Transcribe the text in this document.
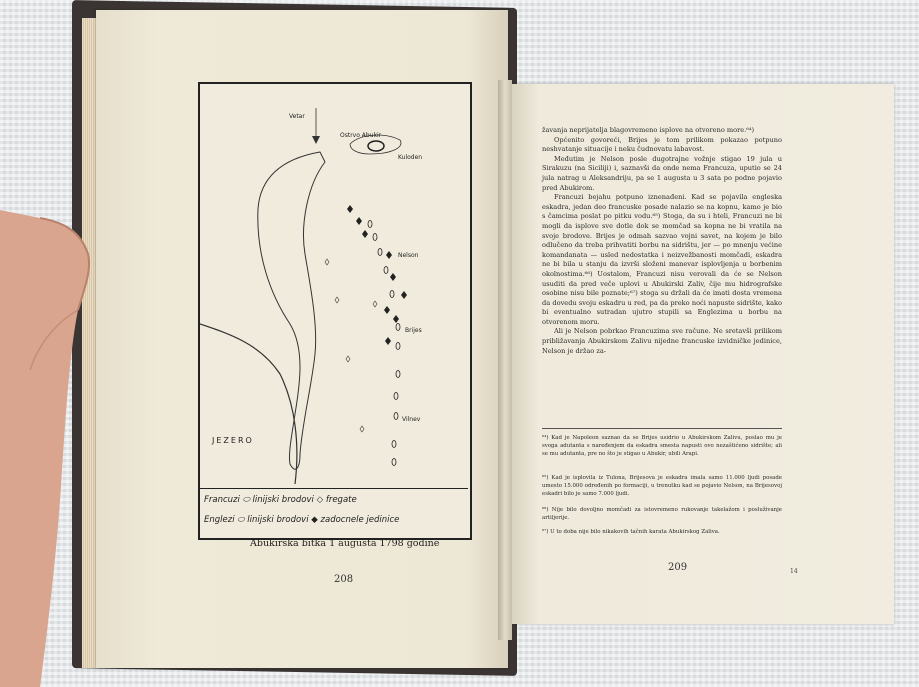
Vetar
Ostrvo Abukir
Kuloden
Nelson
Brijes
Vilnev
JEZERO
Francuzi ⬭ linijski brodovi ◇ fregate
Englezi ⬭ linijski brodovi ◆ zadocnele jedinice
Abukirska bitka 1 augusta 1798 godine
208

žavanja neprijatelja blagovremeno isplove na otvoreno more.⁶⁴)

Općenito govoreći, Brijes je tom prilikom pokazao potpuno neshvatanje situacije i neku čudnovatu labavost.

Međutim je Nelson posle dugotrajne vožnje stigao 19 jula u Sirakuzu (na Siciliji) i, saznavši da onde nema Francuza, uputio se 24 jula natrag u Aleksandriju, pa se 1 augusta u 3 sata po podne pojavio pred Abukirom.

Francuzi bejahu potpuno iznenađeni. Kad se pojavila engleska eskadra, jedan deo francuske posade nalazio se na kopnu, kamo je bio s čamcima poslat po pitku vodu.⁶⁵) Stoga, da su i hteli, Francuzi ne bi mogli da isplove sve dotle dok se momčad sa kopna ne bi vratila na svoje brodove. Brijes je odmah sazvao vojni savet, na kojem je bilo odlučeno da treba prihvatiti borbu na sidrištu, jer — po mnenju većine komandanata — usled nedostatka i neizvežbanosti momčadi, eskadra ne bi bila u stanju da izvrši složeni manevar isplovljenja u borbenim okolnostima.⁶⁶) Uostalom, Francuzi nisu verovali da će se Nelson usuditi da pred veče uplovi u Abukirski Zaliv, čije mu hidrografske osobine nisu bile poznate;⁶⁷) stoga su držali da će imati dosta vremena da dovedu svoju eskadru u red, pa da preko noći napuste sidrište, kako bi eventualno sutradan ujutro stupili sa Englezima u borbu na otvorenom moru.

Ali je Nelson pobrkao Francuzima sve račune. Ne sretavši prilikom približavanja Abukirskom Zalivu nijedne francuske izvidničke jedinice, Nelson je držao za-

⁶⁴) Kad je Napoleon saznao da se Brijes usidrio u Abukirskom Zalivu, poslao mu je svoga adutanta s naređenjem da eskadra smesta napusti ovo nezaštićeno sidrište; ali se mu adutanta, pre no što je stigao u Abukir, ubili Arapi.
⁶⁵) Kad je isplovila iz Tulona, Brijesova je eskadra imala samo 11.000 ljudi posade umesto 15.000 određenih po formaciji, u trenutku kad se pojavio Nelson, na Brijesovoj eskadri bilo je samo 7.000 ljudi.
⁶⁶) Nije bilo dovoljno momčadi za istovremeno rukovanje takelažom i posluživanje artiljerije.
⁶⁷) U to doba nije bilo nikakovih tačnih karata Abukirskog Zaliva.
209	14
